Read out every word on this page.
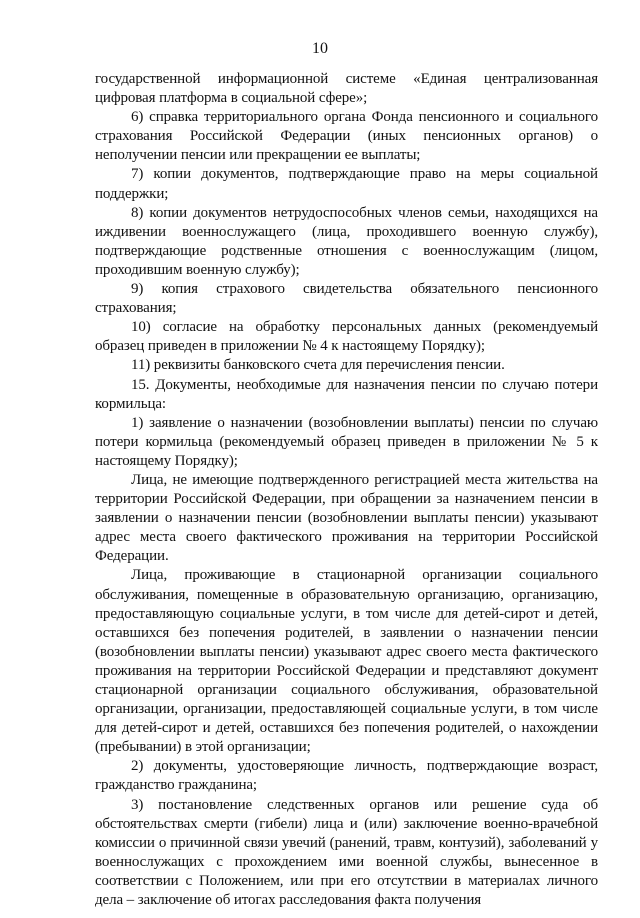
10

государственной информационной системе «Единая централизованная цифровая платформа в социальной сфере»;

6) справка территориального органа Фонда пенсионного и социального страхования Российской Федерации (иных пенсионных органов) о неполучении пенсии или прекращении ее выплаты;

7) копии документов, подтверждающие право на меры социальной поддержки;

8) копии документов нетрудоспособных членов семьи, находящихся на иждивении военнослужащего (лица, проходившего военную службу), подтверждающие родственные отношения с военнослужащим (лицом, проходившим военную службу);

9) копия страхового свидетельства обязательного пенсионного страхования;

10) согласие на обработку персональных данных (рекомендуемый образец приведен в приложении № 4 к настоящему Порядку);

11) реквизиты банковского счета для перечисления пенсии.

15. Документы, необходимые для назначения пенсии по случаю потери кормильца:

1) заявление о назначении (возобновлении выплаты) пенсии по случаю потери кормильца (рекомендуемый образец приведен в приложении № 5 к настоящему Порядку);

Лица, не имеющие подтвержденного регистрацией места жительства на территории Российской Федерации, при обращении за назначением пенсии в заявлении о назначении пенсии (возобновлении выплаты пенсии) указывают адрес места своего фактического проживания на территории Российской Федерации.

Лица, проживающие в стационарной организации социального обслуживания, помещенные в образовательную организацию, организацию, предоставляющую социальные услуги, в том числе для детей-сирот и детей, оставшихся без попечения родителей, в заявлении о назначении пенсии (возобновлении выплаты пенсии) указывают адрес своего места фактического проживания на территории Российской Федерации и представляют документ стационарной организации социального обслуживания, образовательной организации, организации, предоставляющей социальные услуги, в том числе для детей-сирот и детей, оставшихся без попечения родителей, о нахождении (пребывании) в этой организации;

2) документы, удостоверяющие личность, подтверждающие возраст, гражданство гражданина;

3) постановление следственных органов или решение суда об обстоятельствах смерти (гибели) лица и (или) заключение военно-врачебной комиссии о причинной связи увечий (ранений, травм, контузий), заболеваний у военнослужащих с прохождением ими военной службы, вынесенное в соответствии с Положением, или при его отсутствии в материалах личного дела – заключение об итогах расследования факта получения
